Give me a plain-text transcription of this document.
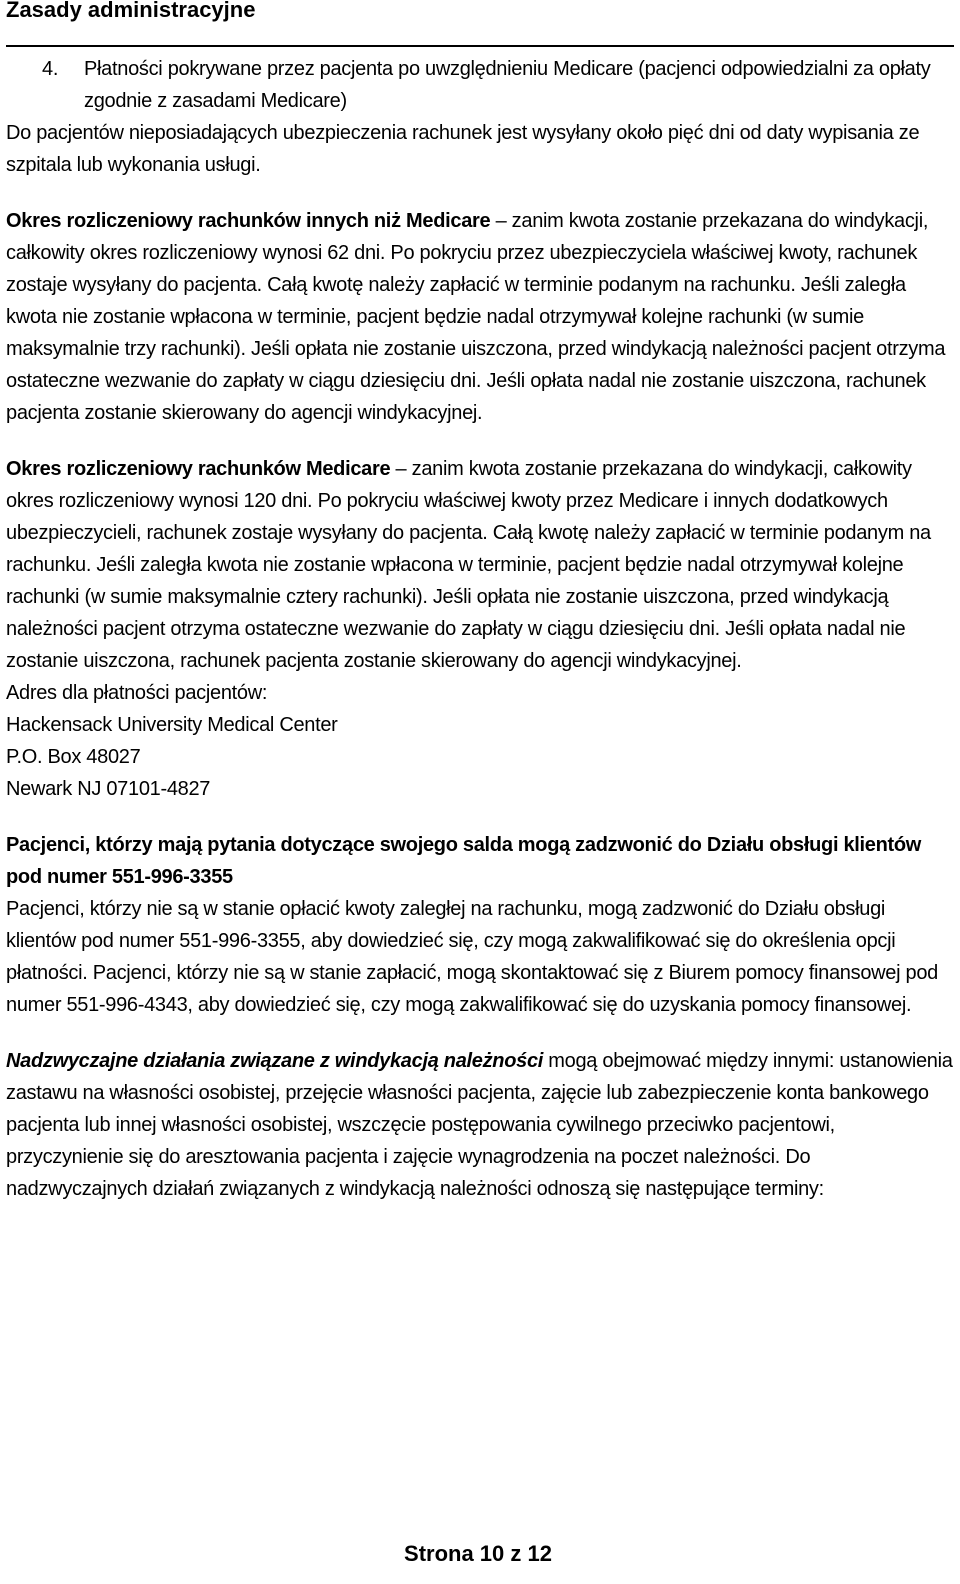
Zasady administracyjne

4. Płatności pokrywane przez pacjenta po uwzględnieniu Medicare (pacjenci odpowiedzialni za opłaty zgodnie z zasadami Medicare)

Do pacjentów nieposiadających ubezpieczenia rachunek jest wysyłany około pięć dni od daty wypisania ze szpitala lub wykonania usługi.

Okres rozliczeniowy rachunków innych niż Medicare – zanim kwota zostanie przekazana do windykacji, całkowity okres rozliczeniowy wynosi 62 dni. Po pokryciu przez ubezpieczyciela właściwej kwoty, rachunek zostaje wysyłany do pacjenta. Całą kwotę należy zapłacić w terminie podanym na rachunku. Jeśli zaległa kwota nie zostanie wpłacona w terminie, pacjent będzie nadal otrzymywał kolejne rachunki (w sumie maksymalnie trzy rachunki). Jeśli opłata nie zostanie uiszczona, przed windykacją należności pacjent otrzyma ostateczne wezwanie do zapłaty w ciągu dziesięciu dni. Jeśli opłata nadal nie zostanie uiszczona, rachunek pacjenta zostanie skierowany do agencji windykacyjnej.

Okres rozliczeniowy rachunków Medicare – zanim kwota zostanie przekazana do windykacji, całkowity okres rozliczeniowy wynosi 120 dni. Po pokryciu właściwej kwoty przez Medicare i innych dodatkowych ubezpieczycieli, rachunek zostaje wysyłany do pacjenta. Całą kwotę należy zapłacić w terminie podanym na rachunku. Jeśli zaległa kwota nie zostanie wpłacona w terminie, pacjent będzie nadal otrzymywał kolejne rachunki (w sumie maksymalnie cztery rachunki). Jeśli opłata nie zostanie uiszczona, przed windykacją należności pacjent otrzyma ostateczne wezwanie do zapłaty w ciągu dziesięciu dni. Jeśli opłata nadal nie zostanie uiszczona, rachunek pacjenta zostanie skierowany do agencji windykacyjnej.

Adres dla płatności pacjentów:

Hackensack University Medical Center

P.O. Box 48027

Newark NJ 07101-4827

Pacjenci, którzy mają pytania dotyczące swojego salda mogą zadzwonić do Działu obsługi klientów pod numer 551-996-3355

Pacjenci, którzy nie są w stanie opłacić kwoty zaległej na rachunku, mogą zadzwonić do Działu obsługi klientów pod numer 551-996-3355, aby dowiedzieć się, czy mogą zakwalifikować się do określenia opcji płatności. Pacjenci, którzy nie są w stanie zapłacić, mogą skontaktować się z Biurem pomocy finansowej pod numer 551-996-4343, aby dowiedzieć się, czy mogą zakwalifikować się do uzyskania pomocy finansowej.

Nadzwyczajne działania związane z windykacją należności mogą obejmować między innymi: ustanowienia zastawu na własności osobistej, przejęcie własności pacjenta, zajęcie lub zabezpieczenie konta bankowego pacjenta lub innej własności osobistej, wszczęcie postępowania cywilnego przeciwko pacjentowi, przyczynienie się do aresztowania pacjenta i zajęcie wynagrodzenia na poczet należności. Do nadzwyczajnych działań związanych z windykacją należności odnoszą się następujące terminy:

Strona 10 z 12
